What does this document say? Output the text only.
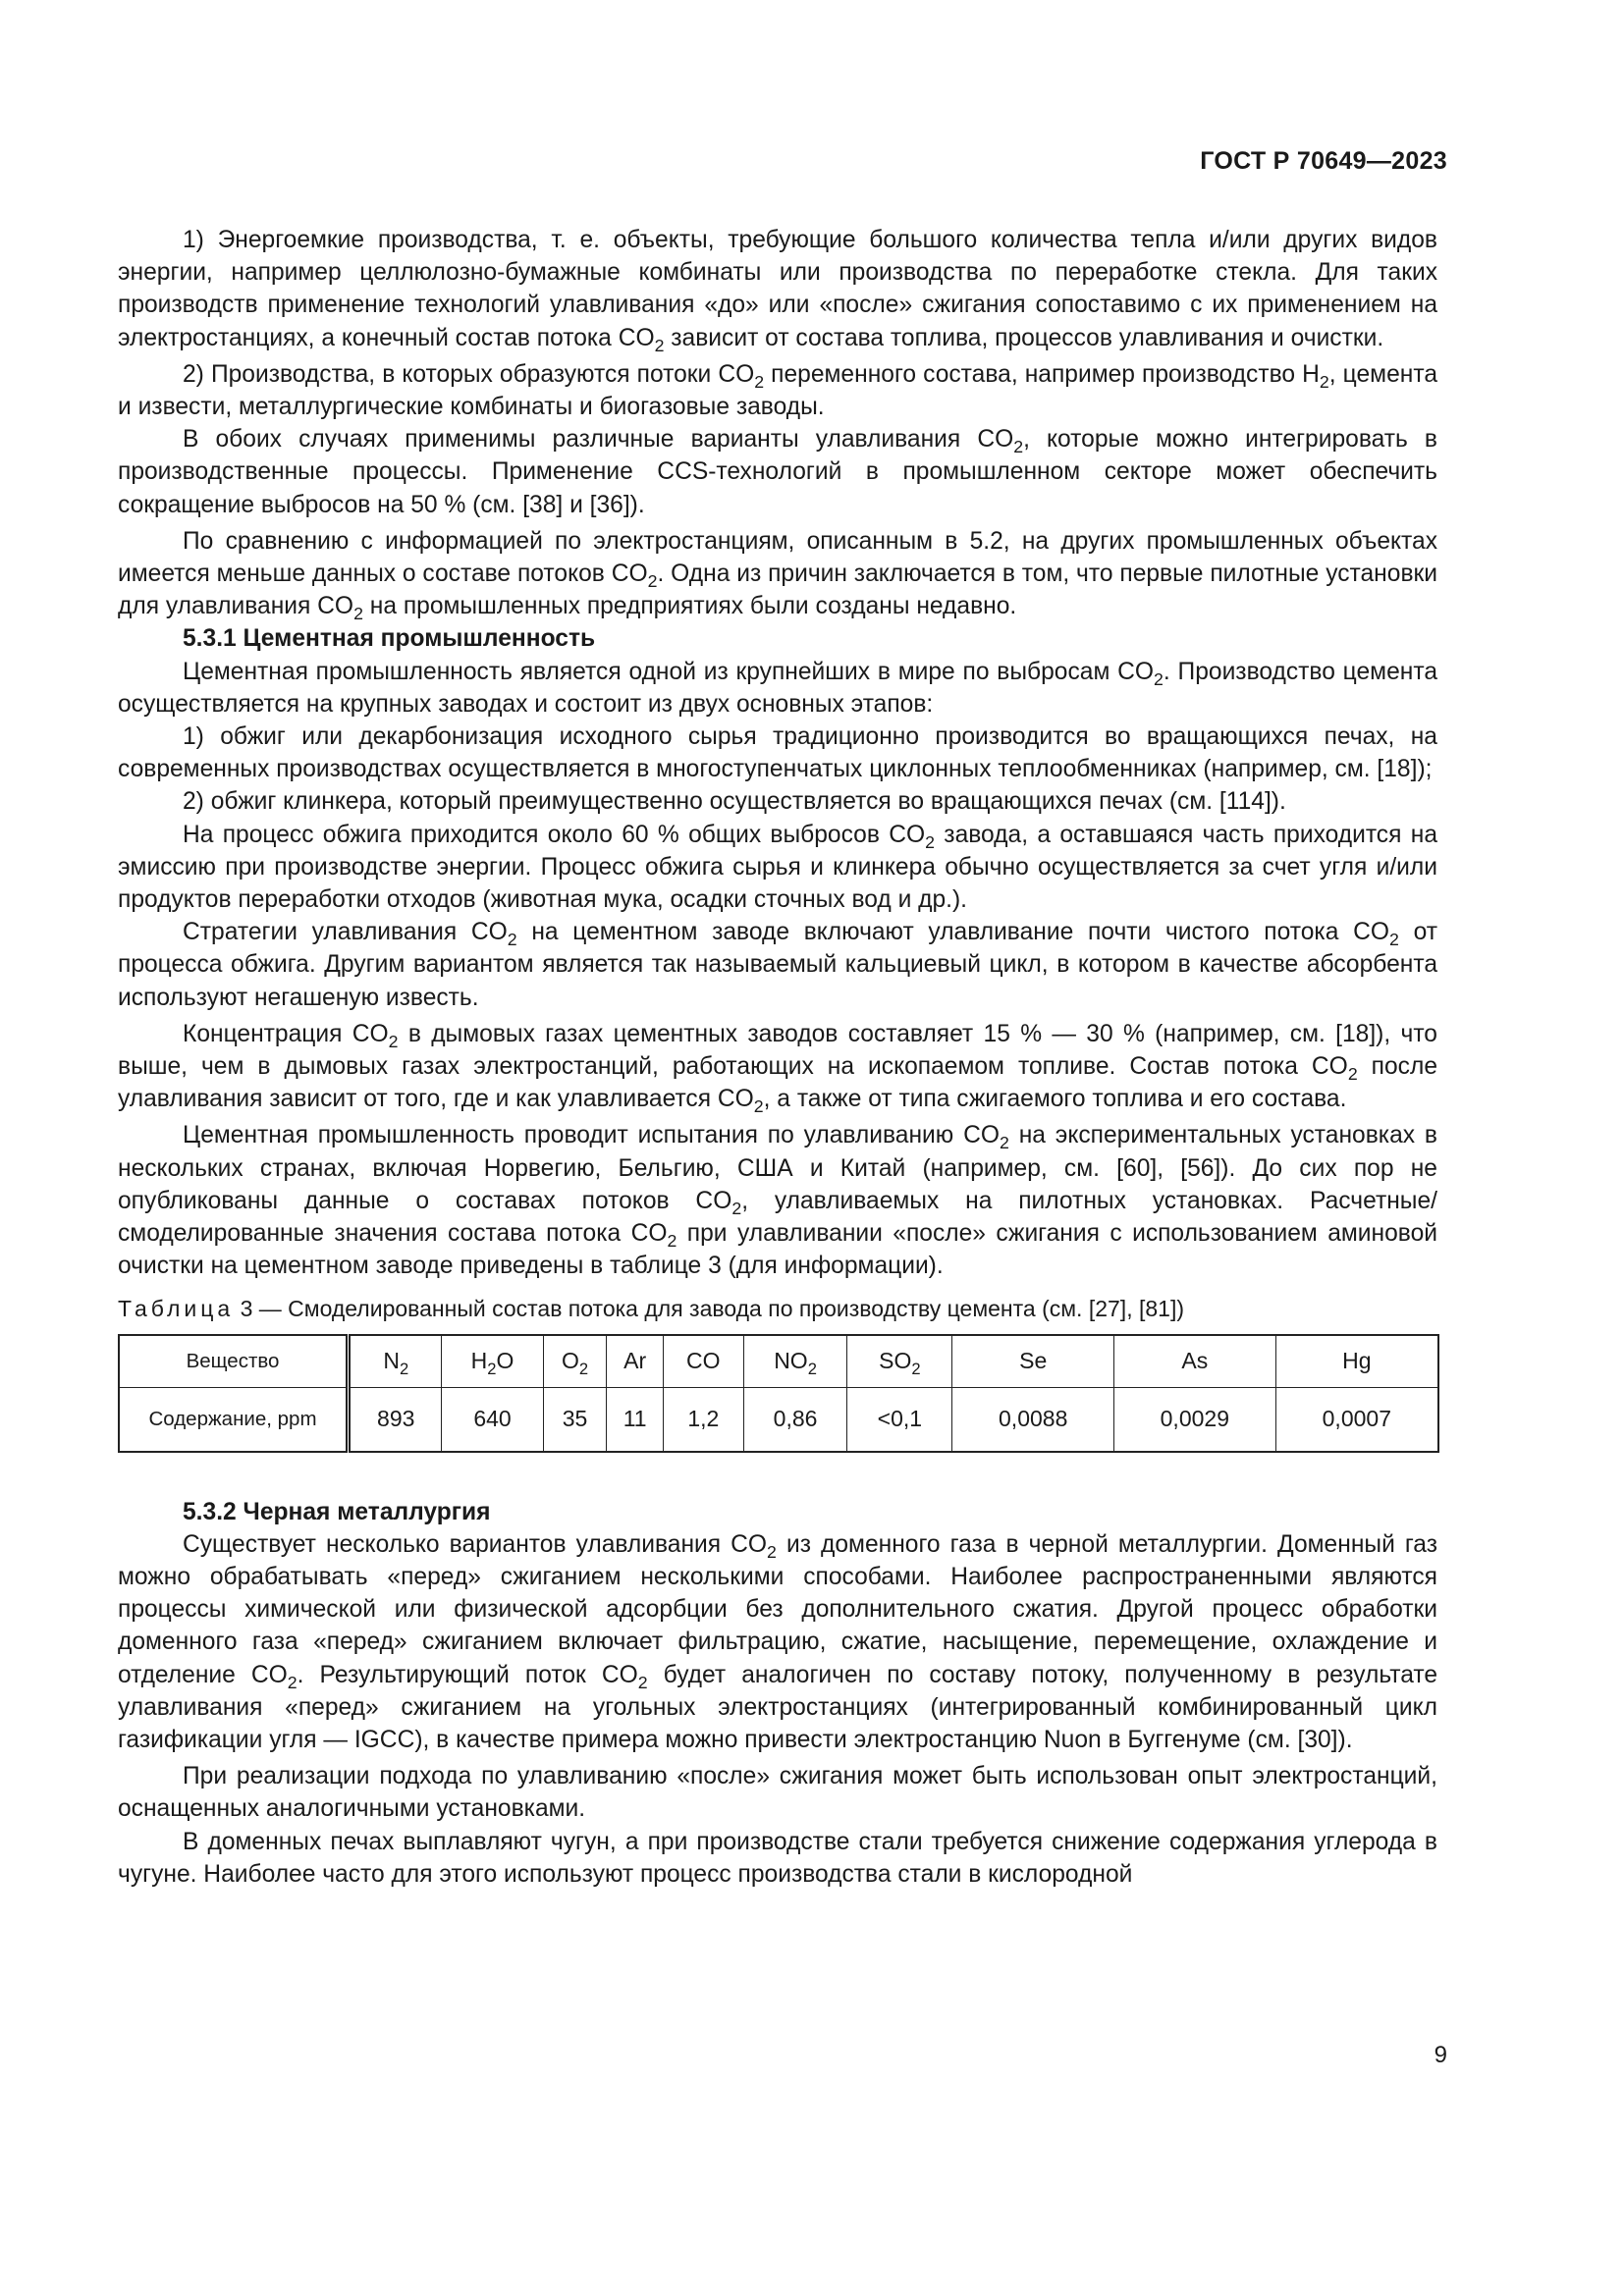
ГОСТ Р 70649—2023

1) Энергоемкие производства, т. е. объекты, требующие большого количества тепла и/или других видов энергии, например целлюлозно-бумажные комбинаты или производства по переработке стекла. Для таких производств применение технологий улавливания «до» или «после» сжигания сопоставимо с их применением на электростанциях, а конечный состав потока $CO_2$ зависит от состава топлива, процессов улавливания и очистки.

2) Производства, в которых образуются потоки $CO_2$ переменного состава, например производство $H_2$, цемента и извести, металлургические комбинаты и биогазовые заводы.

В обоих случаях применимы различные варианты улавливания $CO_2$, которые можно интегрировать в производственные процессы. Применение CCS-технологий в промышленном секторе может обеспечить сокращение выбросов на 50 % (см. [38] и [36]).

По сравнению с информацией по электростанциям, описанным в 5.2, на других промышленных объектах имеется меньше данных о составе потоков $CO_2$. Одна из причин заключается в том, что первые пилотные установки для улавливания $CO_2$ на промышленных предприятиях были созданы недавно.

5.3.1 Цементная промышленность

Цементная промышленность является одной из крупнейших в мире по выбросам $CO_2$. Производство цемента осуществляется на крупных заводах и состоит из двух основных этапов:

1) обжиг или декарбонизация исходного сырья традиционно производится во вращающихся печах, на современных производствах осуществляется в многоступенчатых циклонных теплообменниках (например, см. [18]);

2) обжиг клинкера, который преимущественно осуществляется во вращающихся печах (см. [114]).

На процесс обжига приходится около 60 % общих выбросов $CO_2$ завода, а оставшаяся часть приходится на эмиссию при производстве энергии. Процесс обжига сырья и клинкера обычно осуществляется за счет угля и/или продуктов переработки отходов (животная мука, осадки сточных вод и др.).

Стратегии улавливания $CO_2$ на цементном заводе включают улавливание почти чистого потока $CO_2$ от процесса обжига. Другим вариантом является так называемый кальциевый цикл, в котором в качестве абсорбента используют негашеную известь.

Концентрация $CO_2$ в дымовых газах цементных заводов составляет 15 % — 30 % (например, см. [18]), что выше, чем в дымовых газах электростанций, работающих на ископаемом топливе. Состав потока $CO_2$ после улавливания зависит от того, где и как улавливается $CO_2$, а также от типа сжигаемого топлива и его состава.

Цементная промышленность проводит испытания по улавливанию $CO_2$ на экспериментальных установках в нескольких странах, включая Норвегию, Бельгию, США и Китай (например, см. [60], [56]). До сих пор не опубликованы данные о составах потоков $CO_2$, улавливаемых на пилотных установках. Расчетные/смоделированные значения состава потока $CO_2$ при улавливании «после» сжигания с использованием аминовой очистки на цементном заводе приведены в таблице 3 (для информации).

Таблица 3 — Смоделированный состав потока для завода по производству цемента (см. [27], [81])
Вещество	$N_2$	$H_2O$	$O_2$	Ar	CO	$NO_2$	$SO_2$	Se	As	Hg
Содержание, ppm	893	640	35	11	1,2	0,86	<0,1	0,0088	0,0029	0,0007
5.3.2 Черная металлургия

Существует несколько вариантов улавливания $CO_2$ из доменного газа в черной металлургии. Доменный газ можно обрабатывать «перед» сжиганием несколькими способами. Наиболее распространенными являются процессы химической или физической адсорбции без дополнительного сжатия. Другой процесс обработки доменного газа «перед» сжиганием включает фильтрацию, сжатие, насыщение, перемещение, охлаждение и отделение $CO_2$. Результирующий поток $CO_2$ будет аналогичен по составу потоку, полученному в результате улавливания «перед» сжиганием на угольных электростанциях (интегрированный комбинированный цикл газификации угля — IGCC), в качестве примера можно привести электростанцию Nuon в Буггенуме (см. [30]).

При реализации подхода по улавливанию «после» сжигания может быть использован опыт электростанций, оснащенных аналогичными установками.

В доменных печах выплавляют чугун, а при производстве стали требуется снижение содержания углерода в чугуне. Наиболее часто для этого используют процесс производства стали в кислородной

9
